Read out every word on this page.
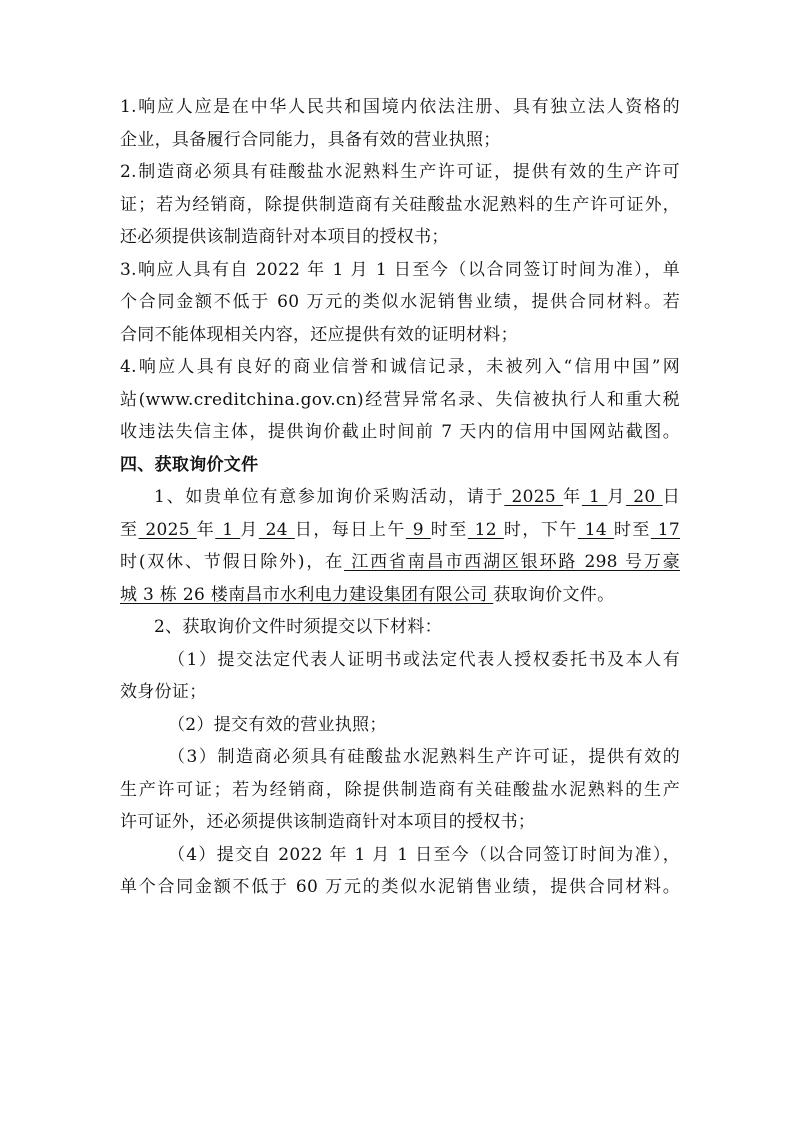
1.响应人应是在中华人民共和国境内依法注册、具有独立法人资格的
企业，具备履行合同能力，具备有效的营业执照；
2.制造商必须具有硅酸盐水泥熟料生产许可证，提供有效的生产许可
证；若为经销商，除提供制造商有关硅酸盐水泥熟料的生产许可证外，
还必须提供该制造商针对本项目的授权书；
3.响应人具有自 2022 年 1 月 1 日至今（以合同签订时间为准），单
个合同金额不低于 60 万元的类似水泥销售业绩，提供合同材料。若
合同不能体现相关内容，还应提供有效的证明材料；
4.响应人具有良好的商业信誉和诚信记录，未被列入“信用中国”网
站(www.creditchina.gov.cn)经营异常名录、失信被执行人和重大税
收违法失信主体，提供询价截止时间前 7 天内的信用中国网站截图。
四、获取询价文件
1、如贵单位有意参加询价采购活动，请于 2025 年 1 月 20 日
至 2025 年 1 月 24 日，每日上午 9 时至 12 时，下午 14 时至 17
时(双休、节假日除外)，在 江西省南昌市西湖区银环路 298 号万豪
城 3 栋 26 楼南昌市水利电力建设集团有限公司 获取询价文件。
2、获取询价文件时须提交以下材料：
（1）提交法定代表人证明书或法定代表人授权委托书及本人有
效身份证；
（2）提交有效的营业执照；
（3）制造商必须具有硅酸盐水泥熟料生产许可证，提供有效的
生产许可证；若为经销商，除提供制造商有关硅酸盐水泥熟料的生产
许可证外，还必须提供该制造商针对本项目的授权书；
（4）提交自 2022 年 1 月 1 日至今（以合同签订时间为准），
单个合同金额不低于 60 万元的类似水泥销售业绩，提供合同材料。
